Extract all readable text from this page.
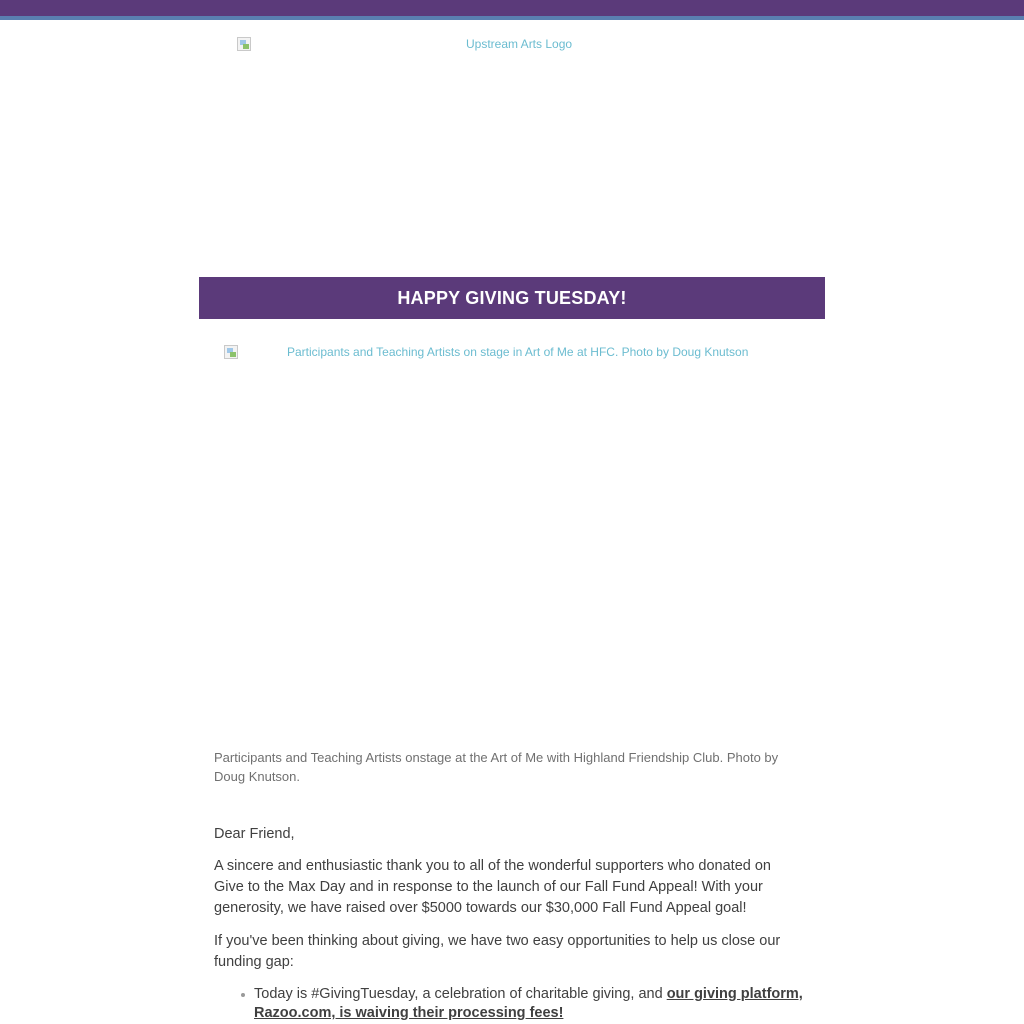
Upstream Arts Logo
HAPPY GIVING TUESDAY!
Participants and Teaching Artists on stage in Art of Me at HFC. Photo by Doug Knutson
Participants and Teaching Artists onstage at the Art of Me with Highland Friendship Club. Photo by Doug Knutson.

Dear Friend,

A sincere and enthusiastic thank you to all of the wonderful supporters who donated on Give to the Max Day and in response to the launch of our Fall Fund Appeal! With your generosity, we have raised over $5000 towards our $30,000 Fall Fund Appeal goal!

If you've been thinking about giving, we have two easy opportunities to help us close our funding gap:

Today is #GivingTuesday, a celebration of charitable giving, and our giving platform, Razoo.com, is waiving their processing fees!
